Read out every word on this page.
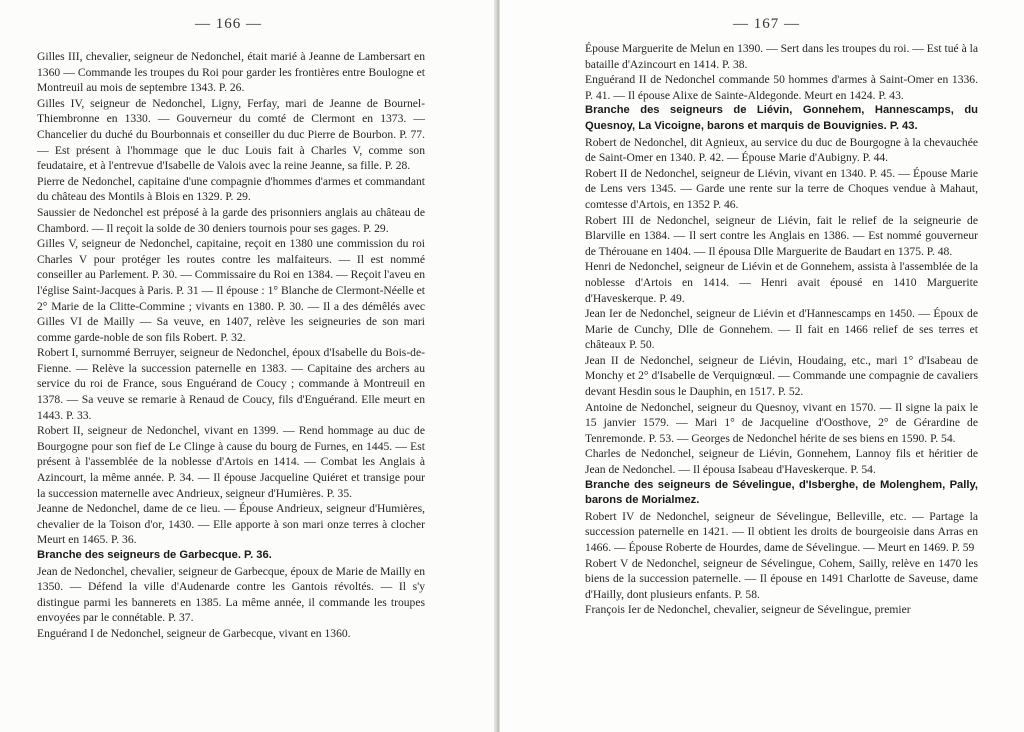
— 166 —

Gilles III, chevalier, seigneur de Nedonchel, était marié à Jeanne de Lambersart en 1360 — Commande les troupes du Roi pour garder les frontières entre Boulogne et Montreuil au mois de septembre 1343. P. 26.

Gilles IV, seigneur de Nedonchel, Ligny, Ferfay, mari de Jeanne de Bournel-Thiembronne en 1330. — Gouverneur du comté de Clermont en 1373. — Chancelier du duché du Bourbonnais et conseiller du duc Pierre de Bourbon. P. 77. — Est présent à l'hommage que le duc Louis fait à Charles V, comme son feudataire, et à l'entrevue d'Isabelle de Valois avec la reine Jeanne, sa fille. P. 28.

Pierre de Nedonchel, capitaine d'une compagnie d'hommes d'armes et commandant du château des Montils à Blois en 1329. P. 29.

Saussier de Nedonchel est préposé à la garde des prisonniers anglais au château de Chambord. — Il reçoit la solde de 30 deniers tournois pour ses gages. P. 29.

Gilles V, seigneur de Nedonchel, capitaine, reçoit en 1380 une commission du roi Charles V pour protéger les routes contre les malfaiteurs. — Il est nommé conseiller au Parlement. P. 30. — Commissaire du Roi en 1384. — Reçoit l'aveu en l'église Saint-Jacques à Paris. P. 31 — Il épouse : 1° Blanche de Clermont-Néelle et 2° Marie de la Clitte-Commine ; vivants en 1380. P. 30. — Il a des démêlés avec Gilles VI de Mailly — Sa veuve, en 1407, relève les seigneuries de son mari comme garde-noble de son fils Robert. P. 32.

Robert I, surnommé Berruyer, seigneur de Nedonchel, époux d'Isabelle du Bois-de-Fienne. — Relève la succession paternelle en 1383. — Capitaine des archers au service du roi de France, sous Enguérand de Coucy ; commande à Montreuil en 1378. — Sa veuve se remarie à Renaud de Coucy, fils d'Enguérand. Elle meurt en 1443. P. 33.

Robert II, seigneur de Nedonchel, vivant en 1399. — Rend hommage au duc de Bourgogne pour son fief de Le Clinge à cause du bourg de Furnes, en 1445. — Est présent à l'assemblée de la noblesse d'Artois en 1414. — Combat les Anglais à Azincourt, la même année. P. 34. — Il épouse Jacqueline Quiéret et transige pour la succession maternelle avec Andrieux, seigneur d'Humières. P. 35.

Jeanne de Nedonchel, dame de ce lieu. — Épouse Andrieux, seigneur d'Humières, chevalier de la Toison d'or, 1430. — Elle apporte à son mari onze terres à clocher Meurt en 1465. P. 36.

Branche des seigneurs de Garbecque. P. 36.

Jean de Nedonchel, chevalier, seigneur de Garbecque, époux de Marie de Mailly en 1350. — Défend la ville d'Audenarde contre les Gantois révoltés. — Il s'y distingue parmi les bannerets en 1385. La même année, il commande les troupes envoyées par le connétable. P. 37.

Enguérand I de Nedonchel, seigneur de Garbecque, vivant en 1360.

— 167 —

Épouse Marguerite de Melun en 1390. — Sert dans les troupes du roi. — Est tué à la bataille d'Azincourt en 1414. P. 38.

Enguérand II de Nedonchel commande 50 hommes d'armes à Saint-Omer en 1336. P. 41. — Il épouse Alixe de Sainte-Aldegonde. Meurt en 1424. P. 43.

Branche des seigneurs de Liévin, Gonnehem, Hannescamps, du Quesnoy, La Vicoigne, barons et marquis de Bouvignies. P. 43.

Robert de Nedonchel, dit Agnieux, au service du duc de Bourgogne à la chevauchée de Saint-Omer en 1340. P. 42. — Épouse Marie d'Aubigny. P. 44.

Robert II de Nedonchel, seigneur de Liévin, vivant en 1340. P. 45. — Épouse Marie de Lens vers 1345. — Garde une rente sur la terre de Choques vendue à Mahaut, comtesse d'Artois, en 1352 P. 46.

Robert III de Nedonchel, seigneur de Liévin, fait le relief de la seigneurie de Blarville en 1384. — Il sert contre les Anglais en 1386. — Est nommé gouverneur de Thérouane en 1404. — Il épousa Dlle Marguerite de Baudart en 1375. P. 48.

Henri de Nedonchel, seigneur de Liévin et de Gonnehem, assista à l'assemblée de la noblesse d'Artois en 1414. — Henri avait épousé en 1410 Marguerite d'Haveskerque. P. 49.

Jean Ier de Nedonchel, seigneur de Liévin et d'Hannescamps en 1450. — Époux de Marie de Cunchy, Dlle de Gonnehem. — Il fait en 1466 relief de ses terres et châteaux P. 50.

Jean II de Nedonchel, seigneur de Liévin, Houdaing, etc., mari 1° d'Isabeau de Monchy et 2° d'Isabelle de Verquignœul. — Commande une compagnie de cavaliers devant Hesdin sous le Dauphin, en 1517. P. 52.

Antoine de Nedonchel, seigneur du Quesnoy, vivant en 1570. — Il signe la paix le 15 janvier 1579. — Mari 1° de Jacqueline d'Oosthove, 2° de Gérardine de Tenremonde. P. 53. — Georges de Nedonchel hérite de ses biens en 1590. P. 54.

Charles de Nedonchel, seigneur de Liévin, Gonnehem, Lannoy fils et héritier de Jean de Nedonchel. — Il épousa Isabeau d'Haveskerque. P. 54.

Branche des seigneurs de Sévelingue, d'Isberghe, de Molenghem, Pally, barons de Morialmez.

Robert IV de Nedonchel, seigneur de Sévelingue, Belleville, etc. — Partage la succession paternelle en 1421. — Il obtient les droits de bourgeoisie dans Arras en 1466. — Épouse Roberte de Hourdes, dame de Sévelingue. — Meurt en 1469. P. 59

Robert V de Nedonchel, seigneur de Sévelingue, Cohem, Sailly, relève en 1470 les biens de la succession paternelle. — Il épouse en 1491 Charlotte de Saveuse, dame d'Hailly, dont plusieurs enfants. P. 58.

François Ier de Nedonchel, chevalier, seigneur de Sévelingue, premier
